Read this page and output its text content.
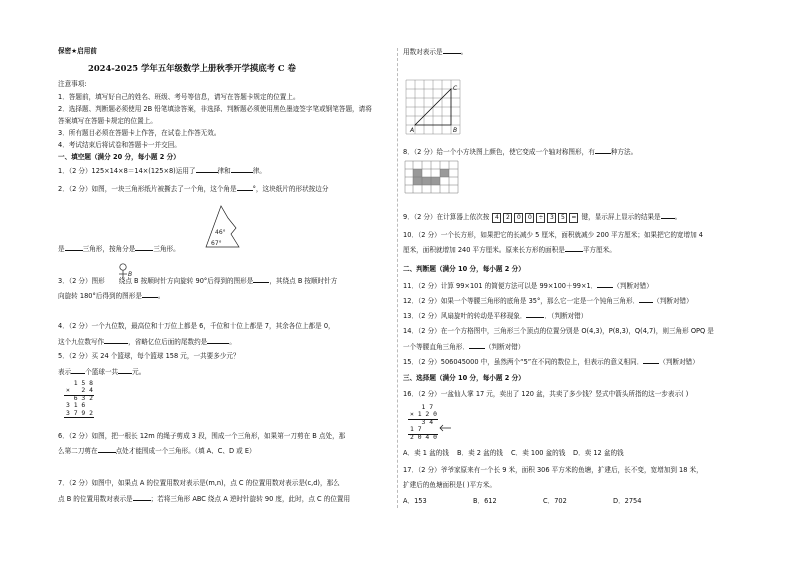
保密★启用前
2024-2025 学年五年级数学上册秋季开学摸底考 C 卷
注意事项:
1．答题前，填写好自己的姓名、班级、考号等信息，请写在答题卡规定的位置上。
2．选择题、判断题必须使用 2B 铅笔填涂答案，非选择、判断题必须使用黑色墨迹签字笔或钢笔答题，请将
答案填写在答题卡规定的位置上。
3．所有题目必须在答题卡上作答，在试卷上作答无效。
4．考试结束后将试卷和答题卡一并交回。
一、填空题（满分 20 分，每小题 2 分）
1．（2 分）125×14×8＝14×(125×8)运用了	律和	律。
2．（2 分）如图，一块三角形纸片被撕去了一个角，这个角是 °，这块纸片的形状按边分
46°
67°
是	三角形，按角分是	三角形。
B
3．（2 分）图形 绕点 B 按顺时针方向旋转 90°后得到的图形是 ，其绕点 B 按顺时针方
向旋转 180°后得到的图形是 。
4．（2 分）一个九位数，最高位和十万位上都是 6，千位和十位上都是 7，其余各位上都是 0，
这个九位数写作	，省略亿位后面的尾数约是	。
5．（2 分）买 24 个篮球，每个篮球 158 元，一共要多少元？
表示 个篮球一共 元。
1 5 8
×   2 4
6 3 2
3 1 6
3 7 9 2
6．（2 分）如图，把一根长 12m 的绳子剪成 3 段，围成一个三角形，如果第一刀剪在 B 点处，那
么第二刀剪在	点处才能围成一个三角形。（填 A、C、D 或 E）
7．（2 分）如图中，如果点 A 的位置用数对表示是(m,n)，点 C 的位置用数对表示是(c,d)，那么
点 B 的位置用数对表示是	；若将三角形 ABC 绕点 A 逆时针旋转 90 度，此时，点 C 的位置用
用数对表示是	。
A	B
C
8．（2 分）给一个小方块图上颜色，使它变成一个轴对称图形，有 种方法。
9．（2 分）在计算器上依次按 4 2 0 0 ÷ 3 5 = 键，显示屏上显示的结果是 。
10．（2 分）一个长方形，如果把它的长减少 5 厘米，面积就减少 200 平方厘米；如果把它的宽增加 4
厘米，面积就增加 240 平方厘米。原来长方形的面积是	平方厘米。
二、判断题（满分 10 分，每小题 2 分）
11．（2 分）计算 99×101 的简便方法可以是 99×100＋99×1． （判断对错）
12．（2 分）如果一个等腰三角形的底角是 35°，那么它一定是一个钝角三角形． （判断对错）
13．（2 分）风扇旋叶的转动是平移现象．	．（判断对错）
14．（2 分）在一个方格图中，三角形三个顶点的位置分别是 O(4,3)，P(8,3)，Q(4,7)，则三角形 OPQ 是
一个等腰直角三角形． （判断对错）
15．（2 分）506045000 中，虽然两个“5”在不同的数位上，但表示的意义相同． （判断对错）
三、选择题（满分 10 分，每小题 2 分）
16．（2 分）一盆仙人掌 17 元，卖出了 120 盆，共卖了多少钱？竖式中箭头所指的这一步表示( )
1 7
× 1 2 0
3 4
1 7
2 0 4 0
A．卖 1 盆的钱 B．卖 2 盆的钱 C．卖 100 盆的钱 D．卖 12 盆的钱
17．（2 分）爷爷家原来有一个长 9 米，面积 306 平方米的鱼塘，扩建后，长不变，宽增加到 18 米，
扩建后的鱼塘面积是( )平方米。
A．153	B．612	C．702	D．2754
